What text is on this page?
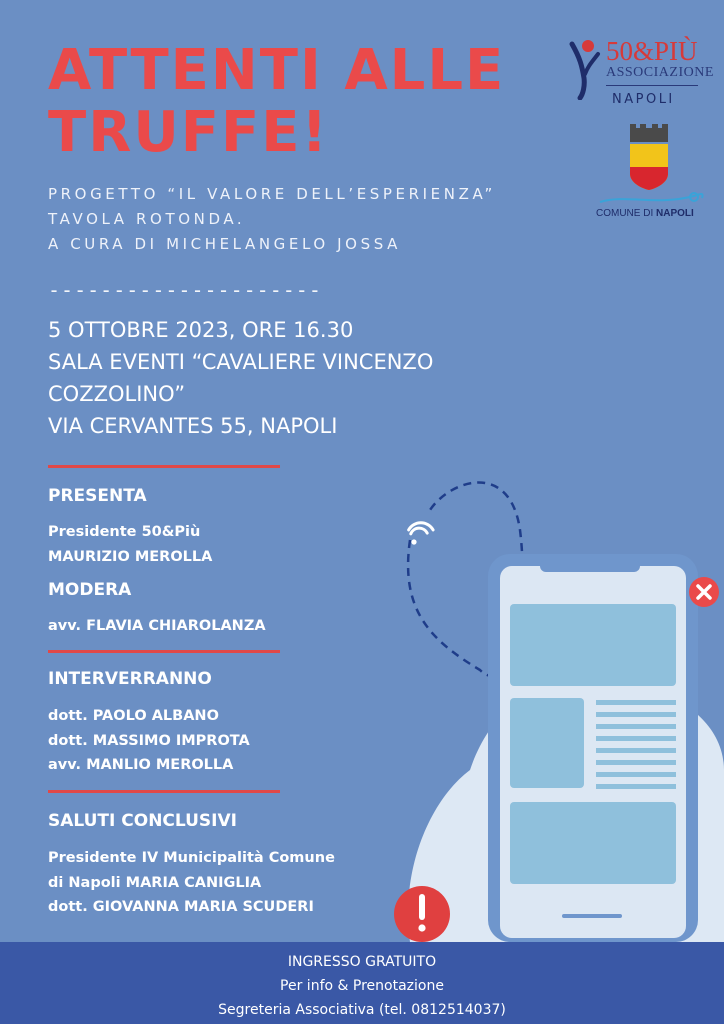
ATTENTI ALLE
TRUFFE!
50&PIÙ
ASSOCIAZIONE
NAPOLI
COMUNE DI NAPOLI
PROGETTO “IL VALORE DELL’ESPERIENZA”
TAVOLA ROTONDA.
A CURA DI MICHELANGELO JOSSA
---------------------
5 OTTOBRE 2023, ORE 16.30
SALA EVENTI “CAVALIERE VINCENZO
COZZOLINO”
VIA CERVANTES 55, NAPOLI
PRESENTA
Presidente 50&Più
MAURIZIO MEROLLA
MODERA
avv. FLAVIA CHIAROLANZA
INTERVERRANNO
dott. PAOLO ALBANO
dott. MASSIMO IMPROTA
avv. MANLIO MEROLLA
SALUTI CONCLUSIVI
Presidente IV Municipalità Comune
di Napoli MARIA CANIGLIA
dott. GIOVANNA MARIA SCUDERI
INGRESSO GRATUITO
Per info & Prenotazione
Segreteria Associativa (tel. 0812514037)
